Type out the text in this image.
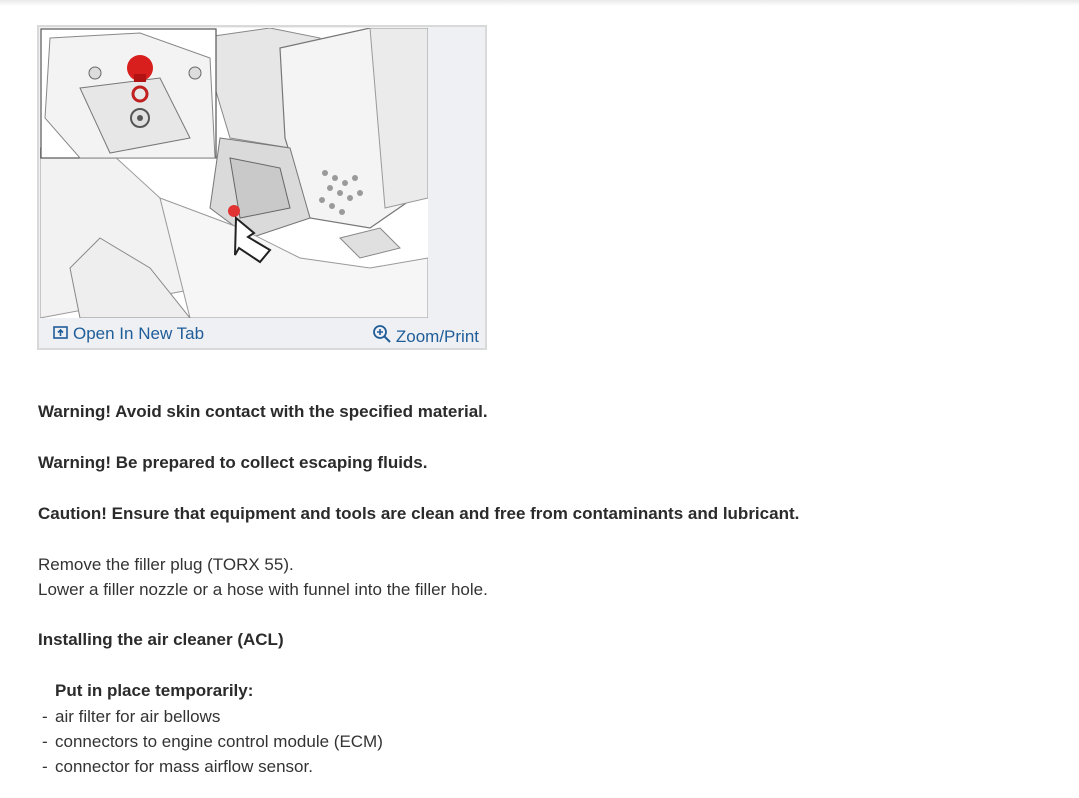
Open In New Tab	Zoom/Print
Warning! Avoid skin contact with the specified material.
Warning! Be prepared to collect escaping fluids.
Caution! Ensure that equipment and tools are clean and free from contaminants and lubricant.
Remove the filler plug (TORX 55).
Lower a filler nozzle or a hose with funnel into the filler hole.
Installing the air cleaner (ACL)
Put in place temporarily:
- air filter for air bellows
- connectors to engine control module (ECM)
- connector for mass airflow sensor.
